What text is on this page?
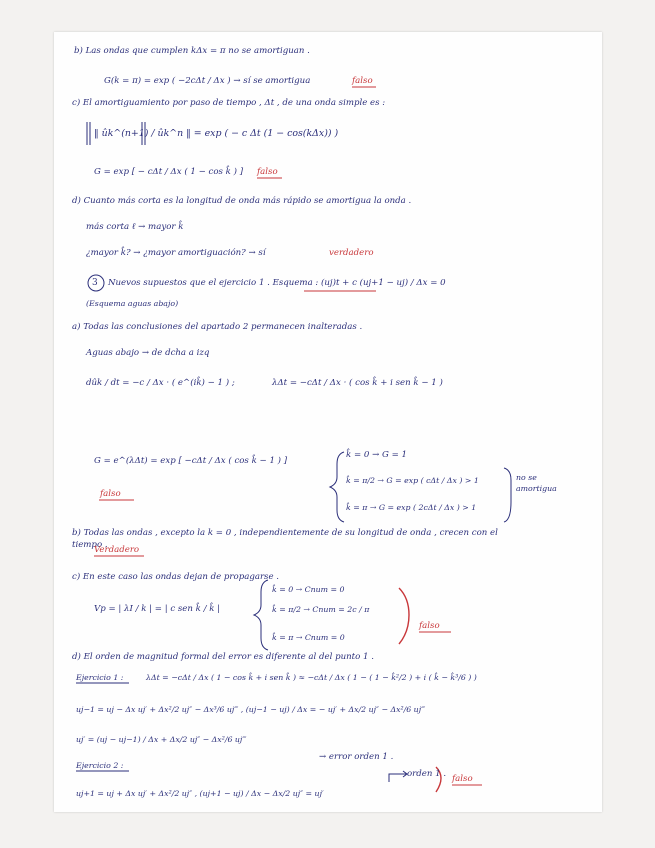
b) Las ondas que cumplen kΔx = π no se amortiguan .
G(k = π) = exp ( −2cΔt / Δx ) → sí se amortigua	falso
c) El amortiguamiento por paso de tiempo , Δt , de una onda simple es :
‖ ûk^(n+1) / ûk^n ‖ = exp ( − c Δt (1 − cos(kΔx)) )
G = exp [ − cΔt / Δx ( 1 − cos k̂ ) ] falso
d) Cuanto más corta es la longitud de onda más rápido se amortigua la onda .
más corta ℓ → mayor k̂
¿mayor k̂? → ¿mayor amortiguación? → sí	verdadero
3 Nuevos supuestos que el ejercicio 1 . Esquema : (uj)t + c (uj+1 − uj) / Δx = 0
(Esquema aguas abajo)
a) Todas las conclusiones del apartado 2 permanecen inalteradas .
Aguas abajo → de dcha a izq
dûk / dt = −c / Δx · ( e^(ik̂) − 1 ) ;	λΔt = −cΔt / Δx · ( cos k̂ + i sen k̂ − 1 )
G = e^(λΔt) = exp [ −cΔt / Δx ( cos k̂ − 1 ) ]
k̂ = 0 → G = 1
k̂ = π/2 → G = exp ( cΔt / Δx ) > 1	no se
amortigua
falso
k̂ = π → G = exp ( 2cΔt / Δx ) > 1
b) Todas las ondas , excepto la k = 0 , independientemente de su longitud de onda , crecen con el
tiempo .
Verdadero
c) En este caso las ondas dejan de propagarse .
Vp = | λI / k | = | c sen k̂ / k̂ |
k̂ = 0 → Cnum = 0
k̂ = π/2 → Cnum = 2c / π
falso
k̂ = π → Cnum = 0
d) El orden de magnitud formal del error es diferente al del punto 1 .
Ejercicio 1 :	λΔt = −cΔt / Δx ( 1 − cos k̂ + i sen k̂ ) ≈ −cΔt / Δx ( 1 − ( 1 − k̂²/2 ) + i ( k̂ − k̂³/6 ) )
uj−1 = uj − Δx uj′ + Δx²/2 uj″ − Δx³/6 uj‴ , (uj−1 − uj) / Δx = − uj′ + Δx/2 uj″ − Δx²/6 uj‴
uj′ = (uj − uj−1) / Δx + Δx/2 uj″ − Δx²/6 uj‴
→ error orden 1 .
Ejercicio 2 :
orden 1 . falso
uj+1 = uj + Δx uj′ + Δx²/2 uj″ , (uj+1 − uj) / Δx − Δx/2 uj″ = uj′
